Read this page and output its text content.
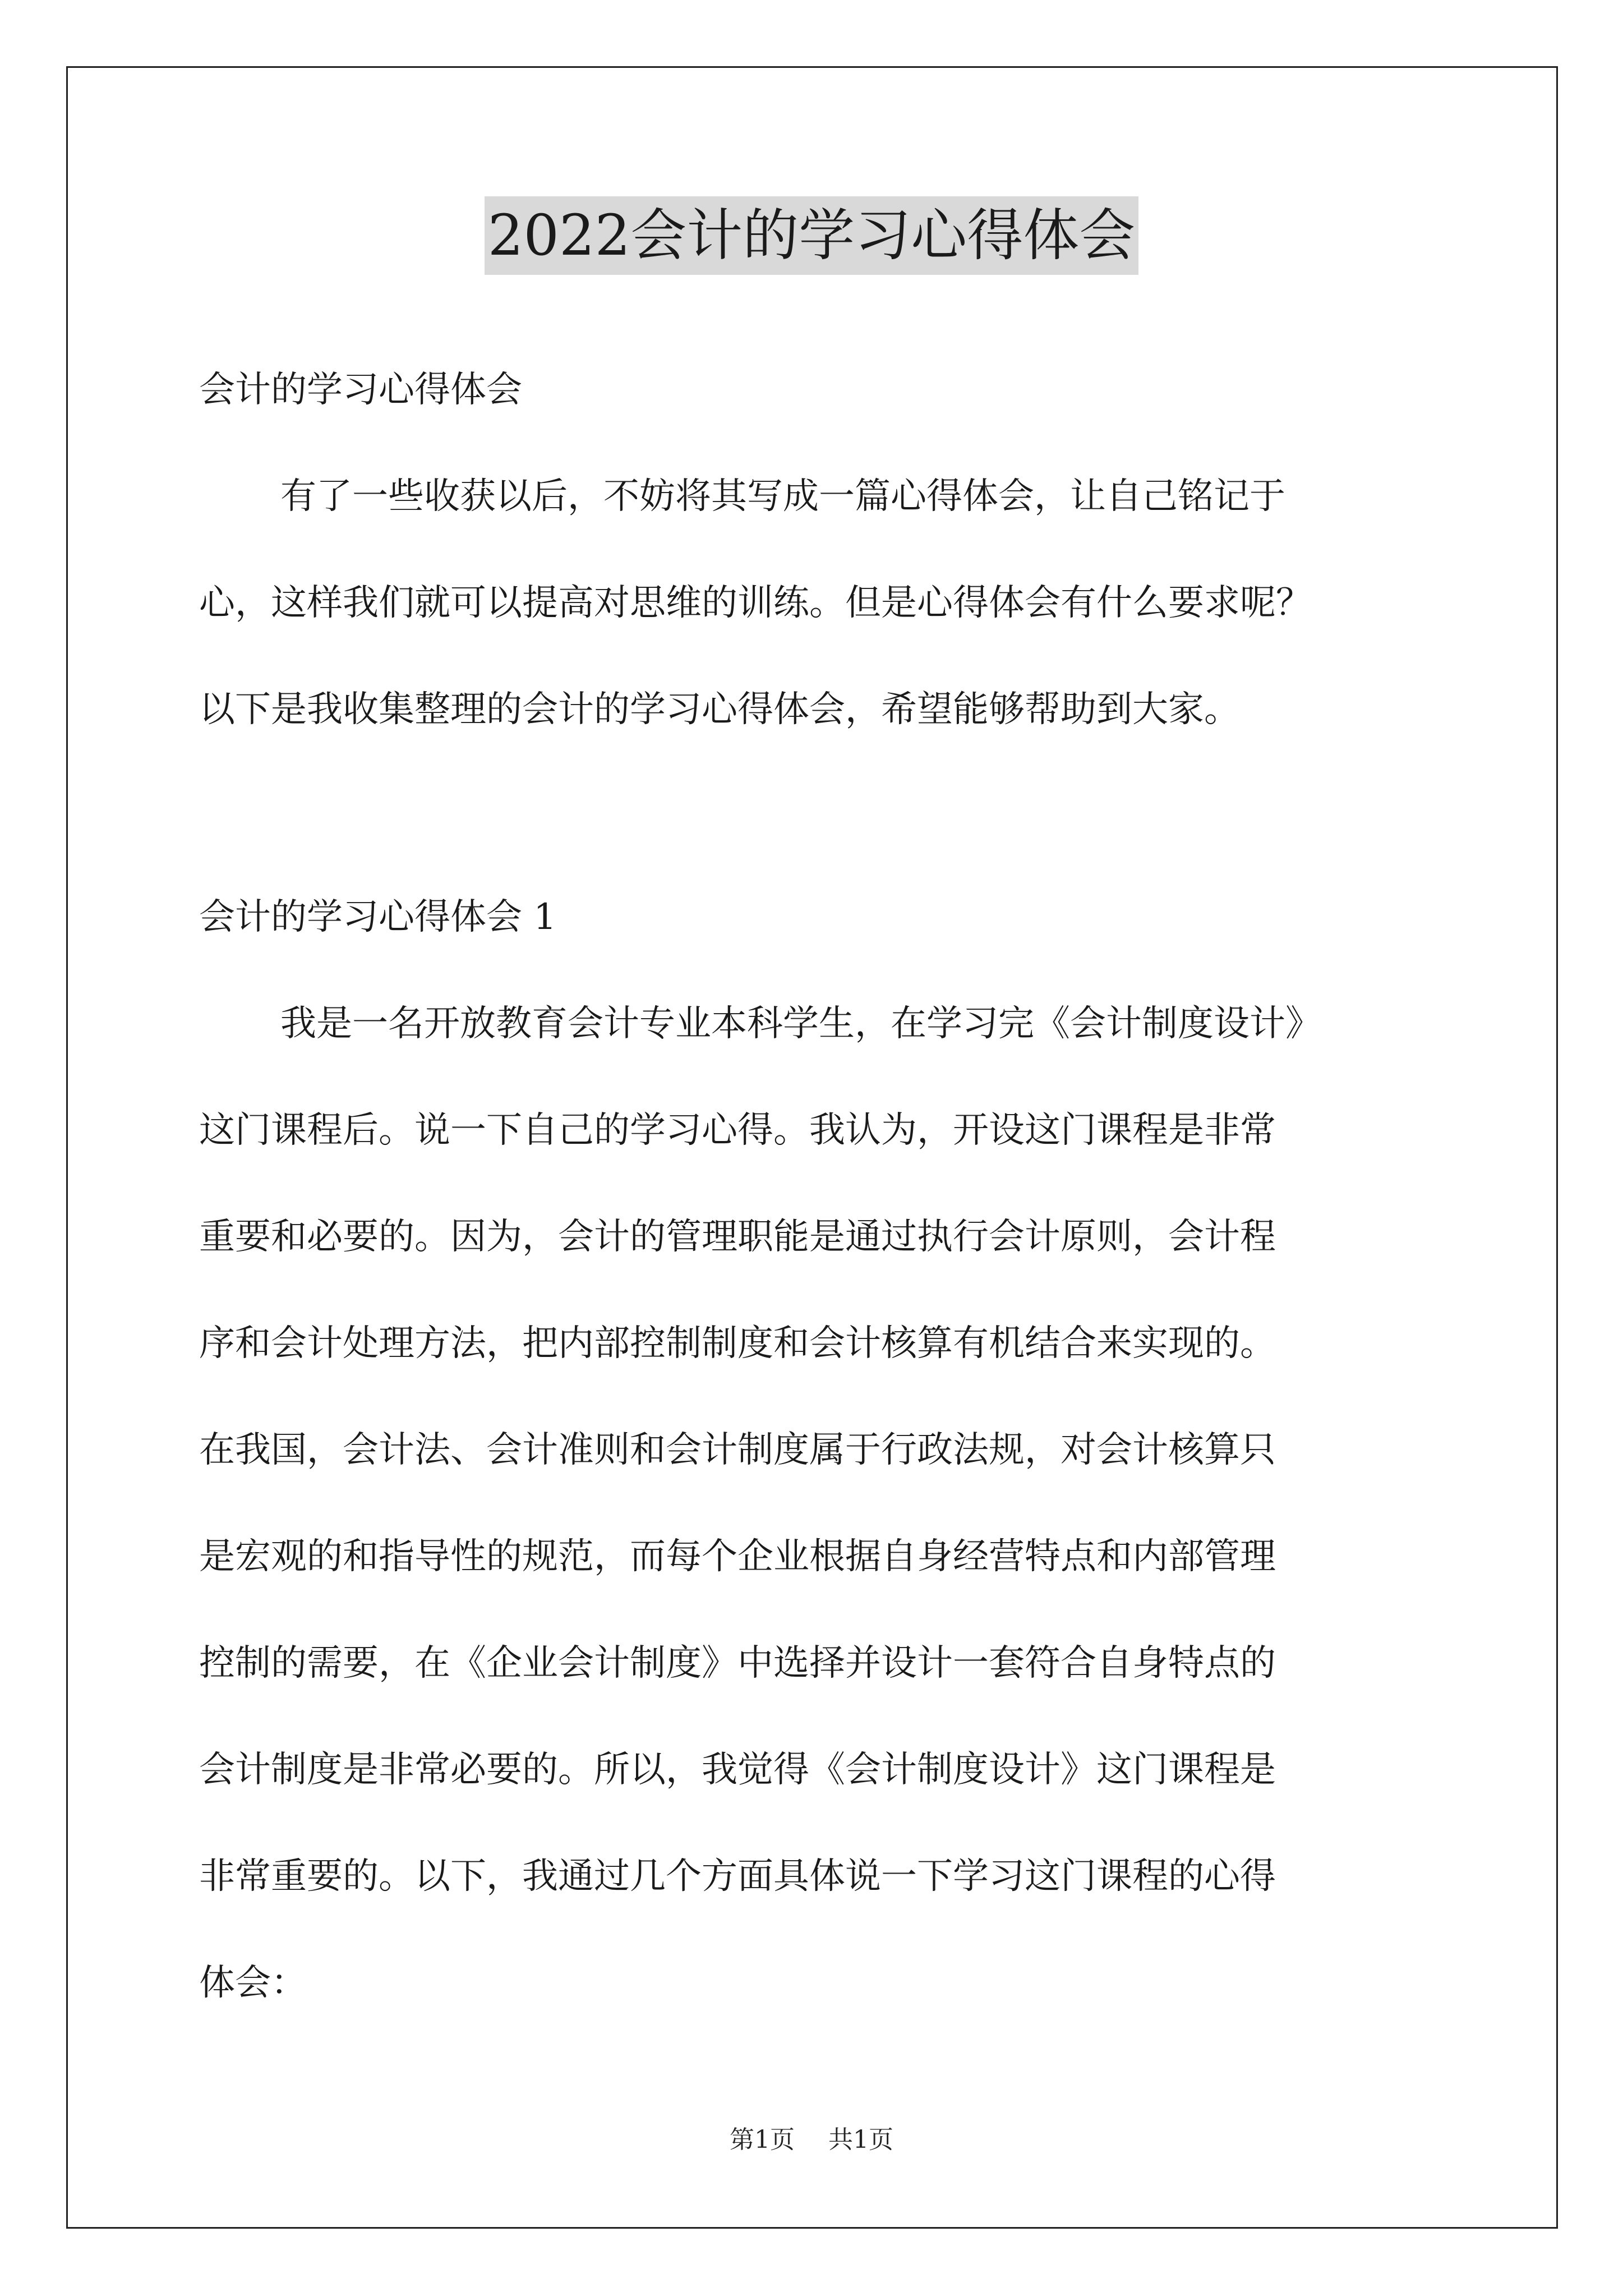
2022会计的学习心得体会
会计的学习心得体会
有了一些收获以后，不妨将其写成一篇心得体会，让自己铭记于
心，这样我们就可以提高对思维的训练。但是心得体会有什么要求呢？
以下是我收集整理的会计的学习心得体会，希望能够帮助到大家。
会计的学习心得体会 1
我是一名开放教育会计专业本科学生，在学习完《会计制度设计》
这门课程后。说一下自己的学习心得。我认为，开设这门课程是非常
重要和必要的。因为，会计的管理职能是通过执行会计原则，会计程
序和会计处理方法，把内部控制制度和会计核算有机结合来实现的。
在我国，会计法、会计准则和会计制度属于行政法规，对会计核算只
是宏观的和指导性的规范，而每个企业根据自身经营特点和内部管理
控制的需要，在《企业会计制度》中选择并设计一套符合自身特点的
会计制度是非常必要的。所以，我觉得《会计制度设计》这门课程是
非常重要的。以下，我通过几个方面具体说一下学习这门课程的心得
体会：
第1页 共1页
